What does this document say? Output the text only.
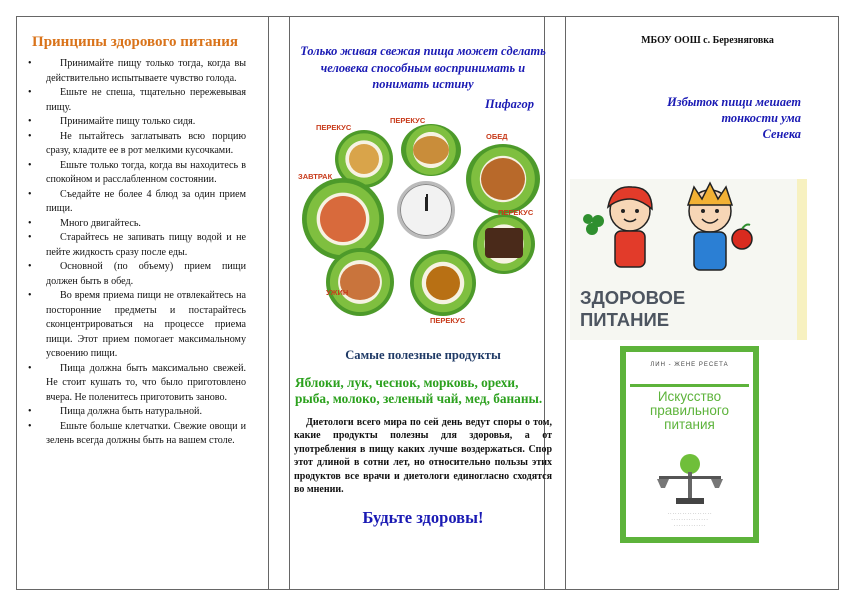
Принципы здорового питания
•	Принимайте пищу только тогда, когда вы действительно испытываете чувство голода.
•	Ешьте не спеша, тщательно пережевывая пищу.
•	Принимайте пищу только сидя.
•	Не пытайтесь заглатывать всю порцию сразу, кладите ее в рот мелкими кусочками.
•	Ешьте только тогда, когда вы находитесь в спокойном и расслабленном состоянии.
•	Съедайте не более 4 блюд за один прием пищи.
•	Много двигайтесь.
•	Старайтесь не запивать пищу водой и не пейте жидкость сразу после еды.
•	Основной (по объему) прием пищи должен быть в обед.
•	Во время приема пищи не отвлекайтесь на посторонние предметы и постарайтесь сконцентрироваться на процессе приема пищи. Этот прием помогает максимальному усвоению пищи.
•	Пища должна быть максимально свежей. Не стоит кушать то, что было приготовлено вчера. Не поленитесь приготовить заново.
•	Пища должна быть натуральной.
•	Ешьте больше клетчатки. Свежие овощи и зелень всегда должны быть на вашем столе.
Только живая свежая пища может сделать человека способным воспринимать и понимать истину
Пифагор
ПЕРЕКУС
ПЕРЕКУС
ОБЕД
ЗАВТРАК
ПЕРЕКУС
УЖИН
ПЕРЕКУС
Самые полезные продукты
Яблоки, лук, чеснок, морковь, орехи, рыба, молоко, зеленый чай, мед, бананы.
Диетологи всего мира по сей день ведут споры о том, какие продукты полезны для здоровья, а от употребления в пищу каких лучше воздержаться. Спор этот длиной в сотни лет, но относительно пользы этих продуктов все врачи и диетологи единогласно сходятся во мнении.
Будьте здоровы!
МБОУ ООШ с. Березняговка
Избыток пищи мешает
тонкости ума
Сенека
ЗДОРОВОЕ
ПИТАНИЕ
ЛИН - ЖЕНЕ РЕСЕТА
Искусство правильного питания
· · · · · · · · · · · · · · · · · ·
· · · · · · · · · · · · · · ·
· · · · · · · · · · · · ·
